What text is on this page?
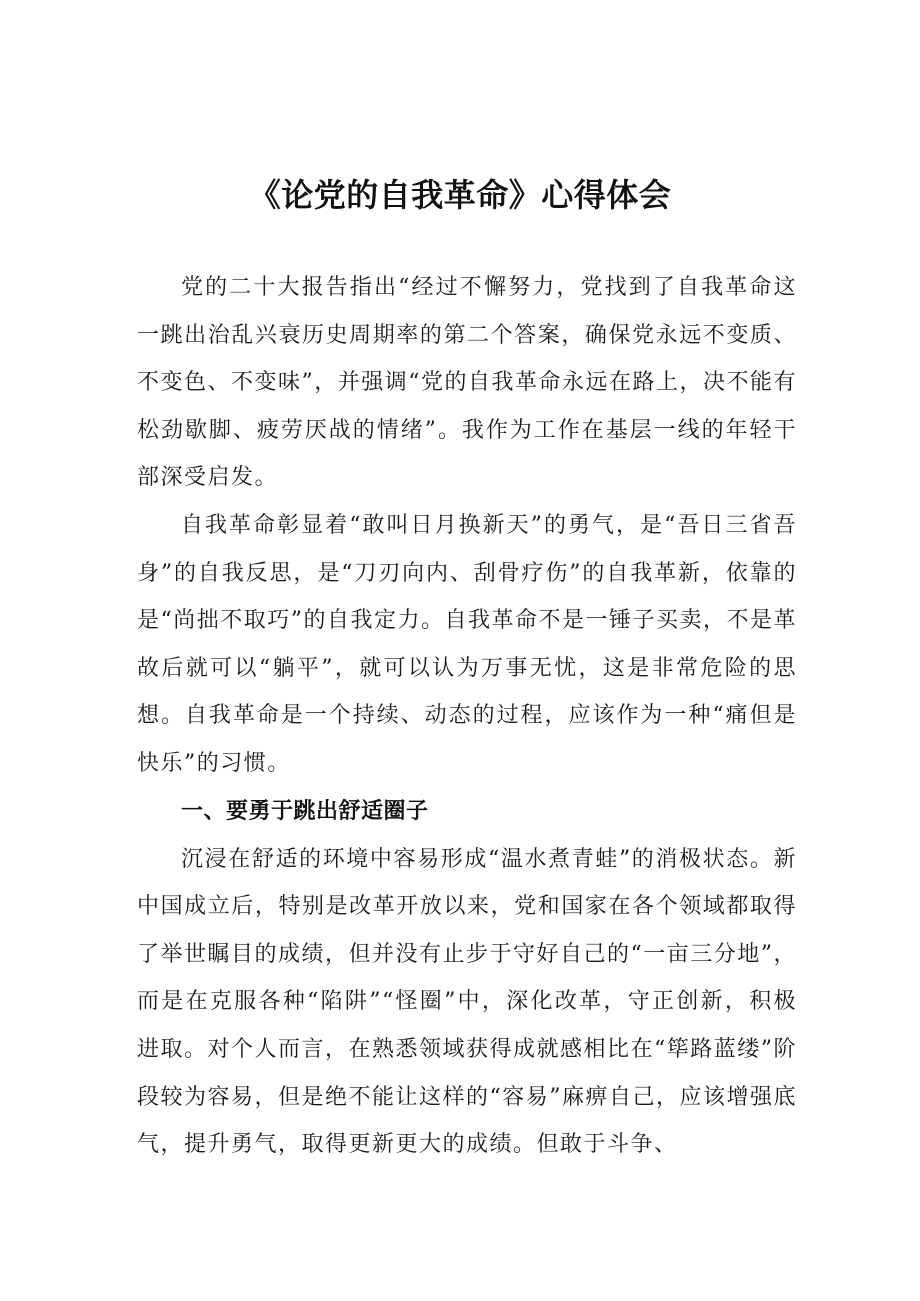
《论党的自我革命》心得体会

党的二十大报告指出“经过不懈努力，党找到了自我革命这一跳出治乱兴衰历史周期率的第二个答案，确保党永远不变质、不变色、不变味”，并强调“党的自我革命永远在路上，决不能有松劲歇脚、疲劳厌战的情绪”。我作为工作在基层一线的年轻干部深受启发。

自我革命彰显着“敢叫日月换新天”的勇气，是“吾日三省吾身”的自我反思，是“刀刃向内、刮骨疗伤”的自我革新，依靠的是“尚拙不取巧”的自我定力。自我革命不是一锤子买卖，不是革故后就可以“躺平”，就可以认为万事无忧，这是非常危险的思想。自我革命是一个持续、动态的过程，应该作为一种“痛但是快乐”的习惯。

一、要勇于跳出舒适圈子

沉浸在舒适的环境中容易形成“温水煮青蛙”的消极状态。新中国成立后，特别是改革开放以来，党和国家在各个领域都取得了举世瞩目的成绩，但并没有止步于守好自己的“一亩三分地”，而是在克服各种“陷阱”“怪圈”中，深化改革，守正创新，积极进取。对个人而言，在熟悉领域获得成就感相比在“筚路蓝缕”阶段较为容易，但是绝不能让这样的“容易”麻痹自己，应该增强底气，提升勇气，取得更新更大的成绩。但敢于斗争、
